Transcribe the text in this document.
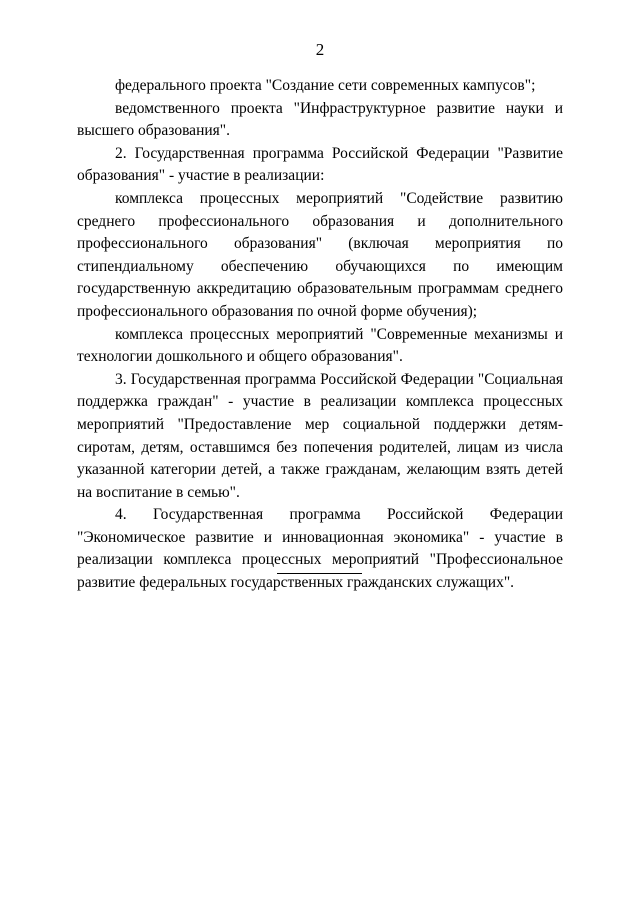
2

федерального проекта "Создание сети современных кампусов";

ведомственного проекта "Инфраструктурное развитие науки и высшего образования".

2. Государственная программа Российской Федерации "Развитие образования" - участие в реализации:

комплекса процессных мероприятий "Содействие развитию среднего профессионального образования и дополнительного профессионального образования" (включая мероприятия по стипендиальному обеспечению обучающихся по имеющим государственную аккредитацию образовательным программам среднего профессионального образования по очной форме обучения);

комплекса процессных мероприятий "Современные механизмы и технологии дошкольного и общего образования".

3. Государственная программа Российской Федерации "Социальная поддержка граждан" - участие в реализации комплекса процессных мероприятий "Предоставление мер социальной поддержки детям-сиротам, детям, оставшимся без попечения родителей, лицам из числа указанной категории детей, а также гражданам, желающим взять детей на воспитание в семью".

4. Государственная программа Российской Федерации "Экономическое развитие и инновационная экономика" - участие в реализации комплекса процессных мероприятий "Профессиональное развитие федеральных государственных гражданских служащих".
